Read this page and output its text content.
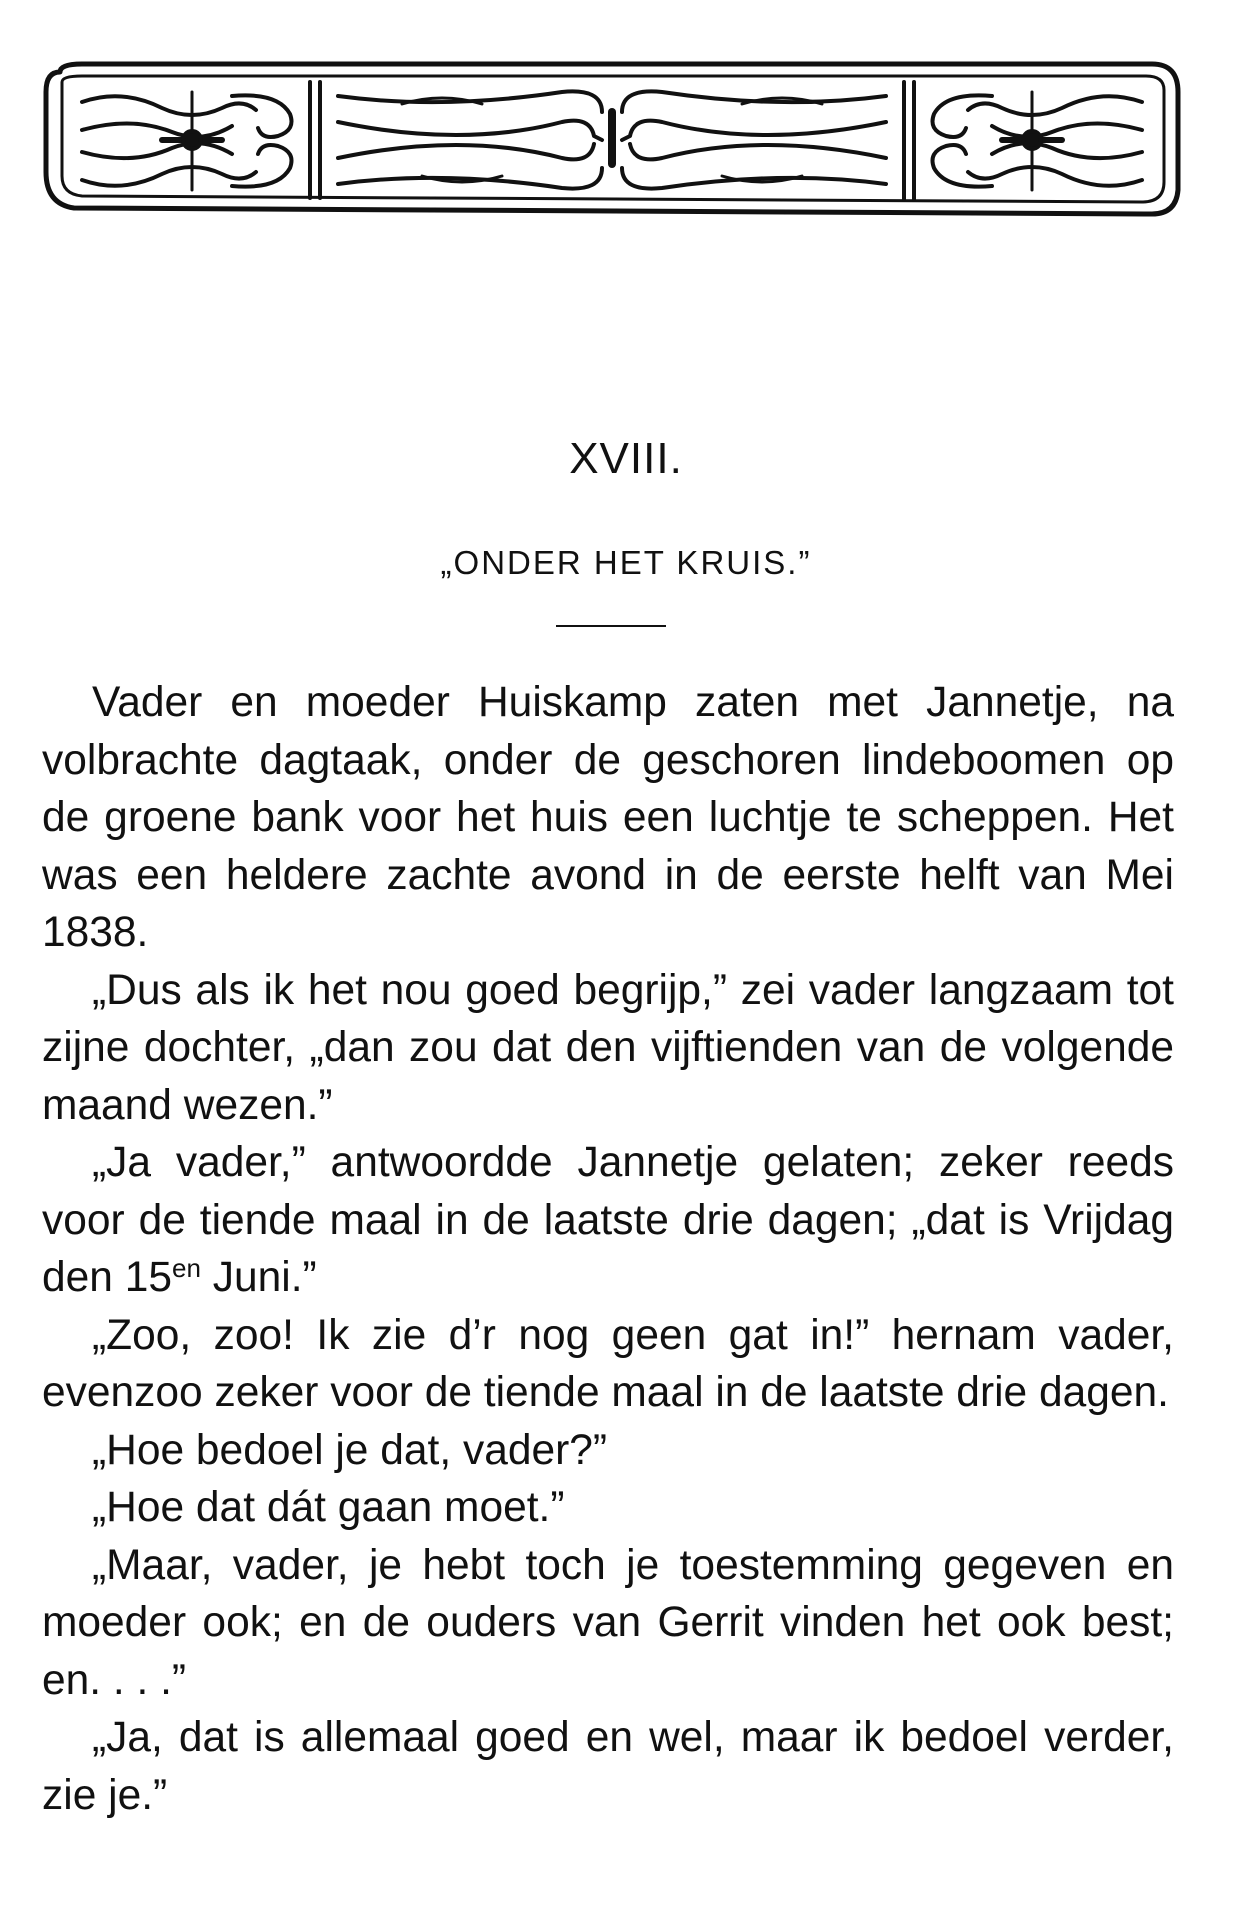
XVIII.
„ONDER HET KRUIS.”

Vader en moeder Huiskamp zaten met Jannetje, na volbrachte dagtaak, onder de geschoren lindeboomen op de groene bank voor het huis een luchtje te scheppen. Het was een heldere zachte avond in de eerste helft van Mei 1838.

„Dus als ik het nou goed begrijp,” zei vader langzaam tot zijne dochter, „dan zou dat den vijftienden van de volgende maand wezen.”

„Ja vader,” antwoordde Jannetje gelaten; zeker reeds voor de tiende maal in de laatste drie dagen; „dat is Vrijdag den $15^{en}$ Juni.”

„Zoo, zoo! Ik zie d’r nog geen gat in!” hernam vader, evenzoo zeker voor de tiende maal in de laatste drie dagen.

„Hoe bedoel je dat, vader?”

„Hoe dat dát gaan moet.”

„Maar, vader, je hebt toch je toestemming gegeven en moeder ook; en de ouders van Gerrit vinden het ook best; en. . . .”

„Ja, dat is allemaal goed en wel, maar ik bedoel verder, zie je.”
